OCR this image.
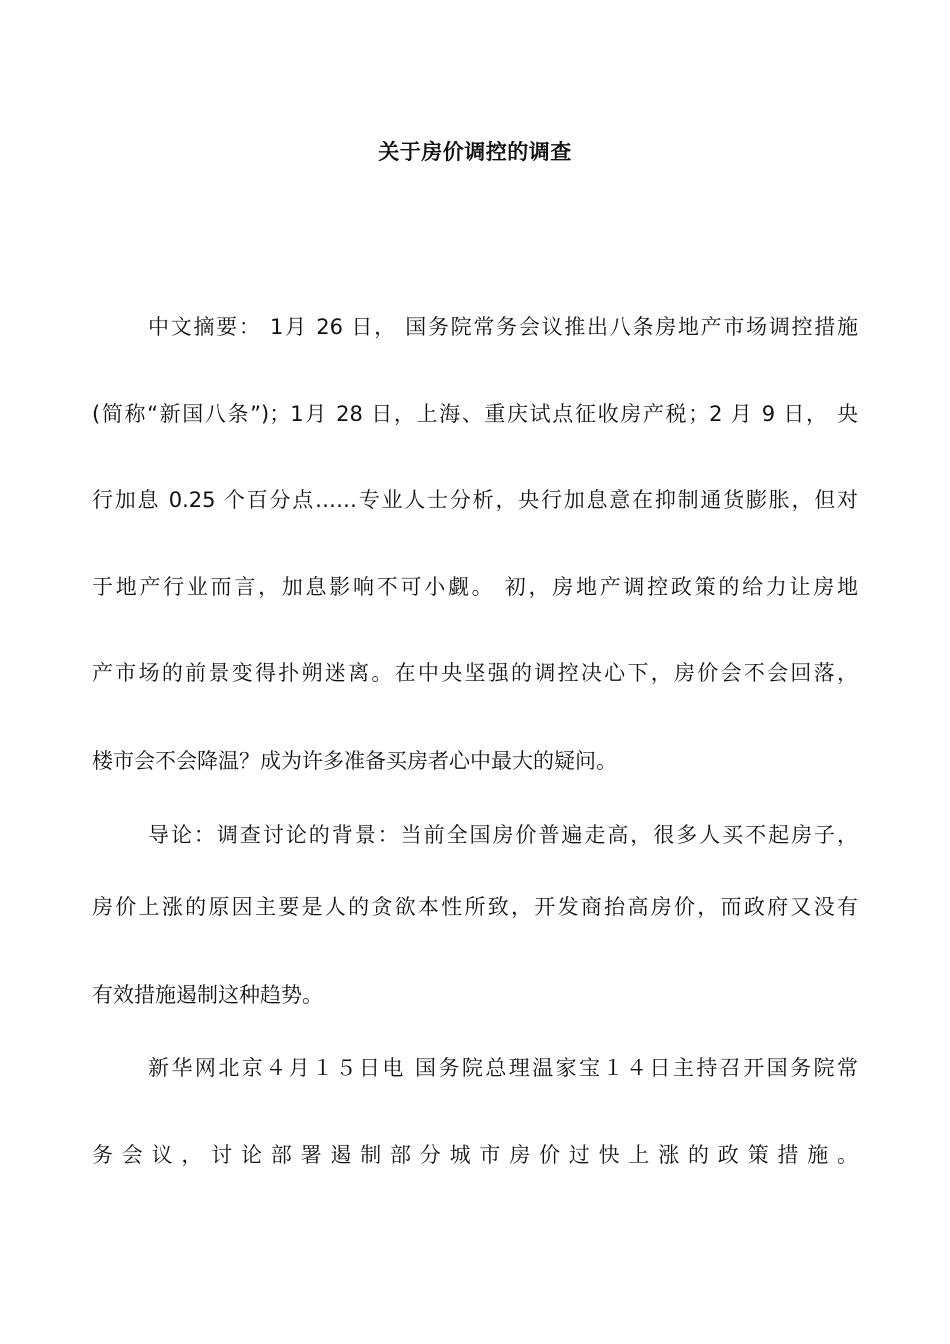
关于房价调控的调查
中文摘要： 1月 26 日， 国务院常务会议推出八条房地产市场调控措施
(简称“新国八条”)；1月 28 日，上海、重庆试点征收房产税；2 月 9 日， 央
行加息 0.25 个百分点……专业人士分析，央行加息意在抑制通货膨胀，但对
于地产行业而言，加息影响不可小觑。 初，房地产调控政策的给力让房地
产市场的前景变得扑朔迷离。在中央坚强的调控决心下，房价会不会回落，
楼市会不会降温？成为许多准备买房者心中最大的疑问。
导论：调查讨论的背景：当前全国房价普遍走高，很多人买不起房子，
房价上涨的原因主要是人的贪欲本性所致，开发商抬高房价，而政府又没有
有效措施遏制这种趋势。
新华网北京４月１５日电 国务院总理温家宝１４日主持召开国务院常
务会议，讨论部署遏制部分城市房价过快上涨的政策措施。
